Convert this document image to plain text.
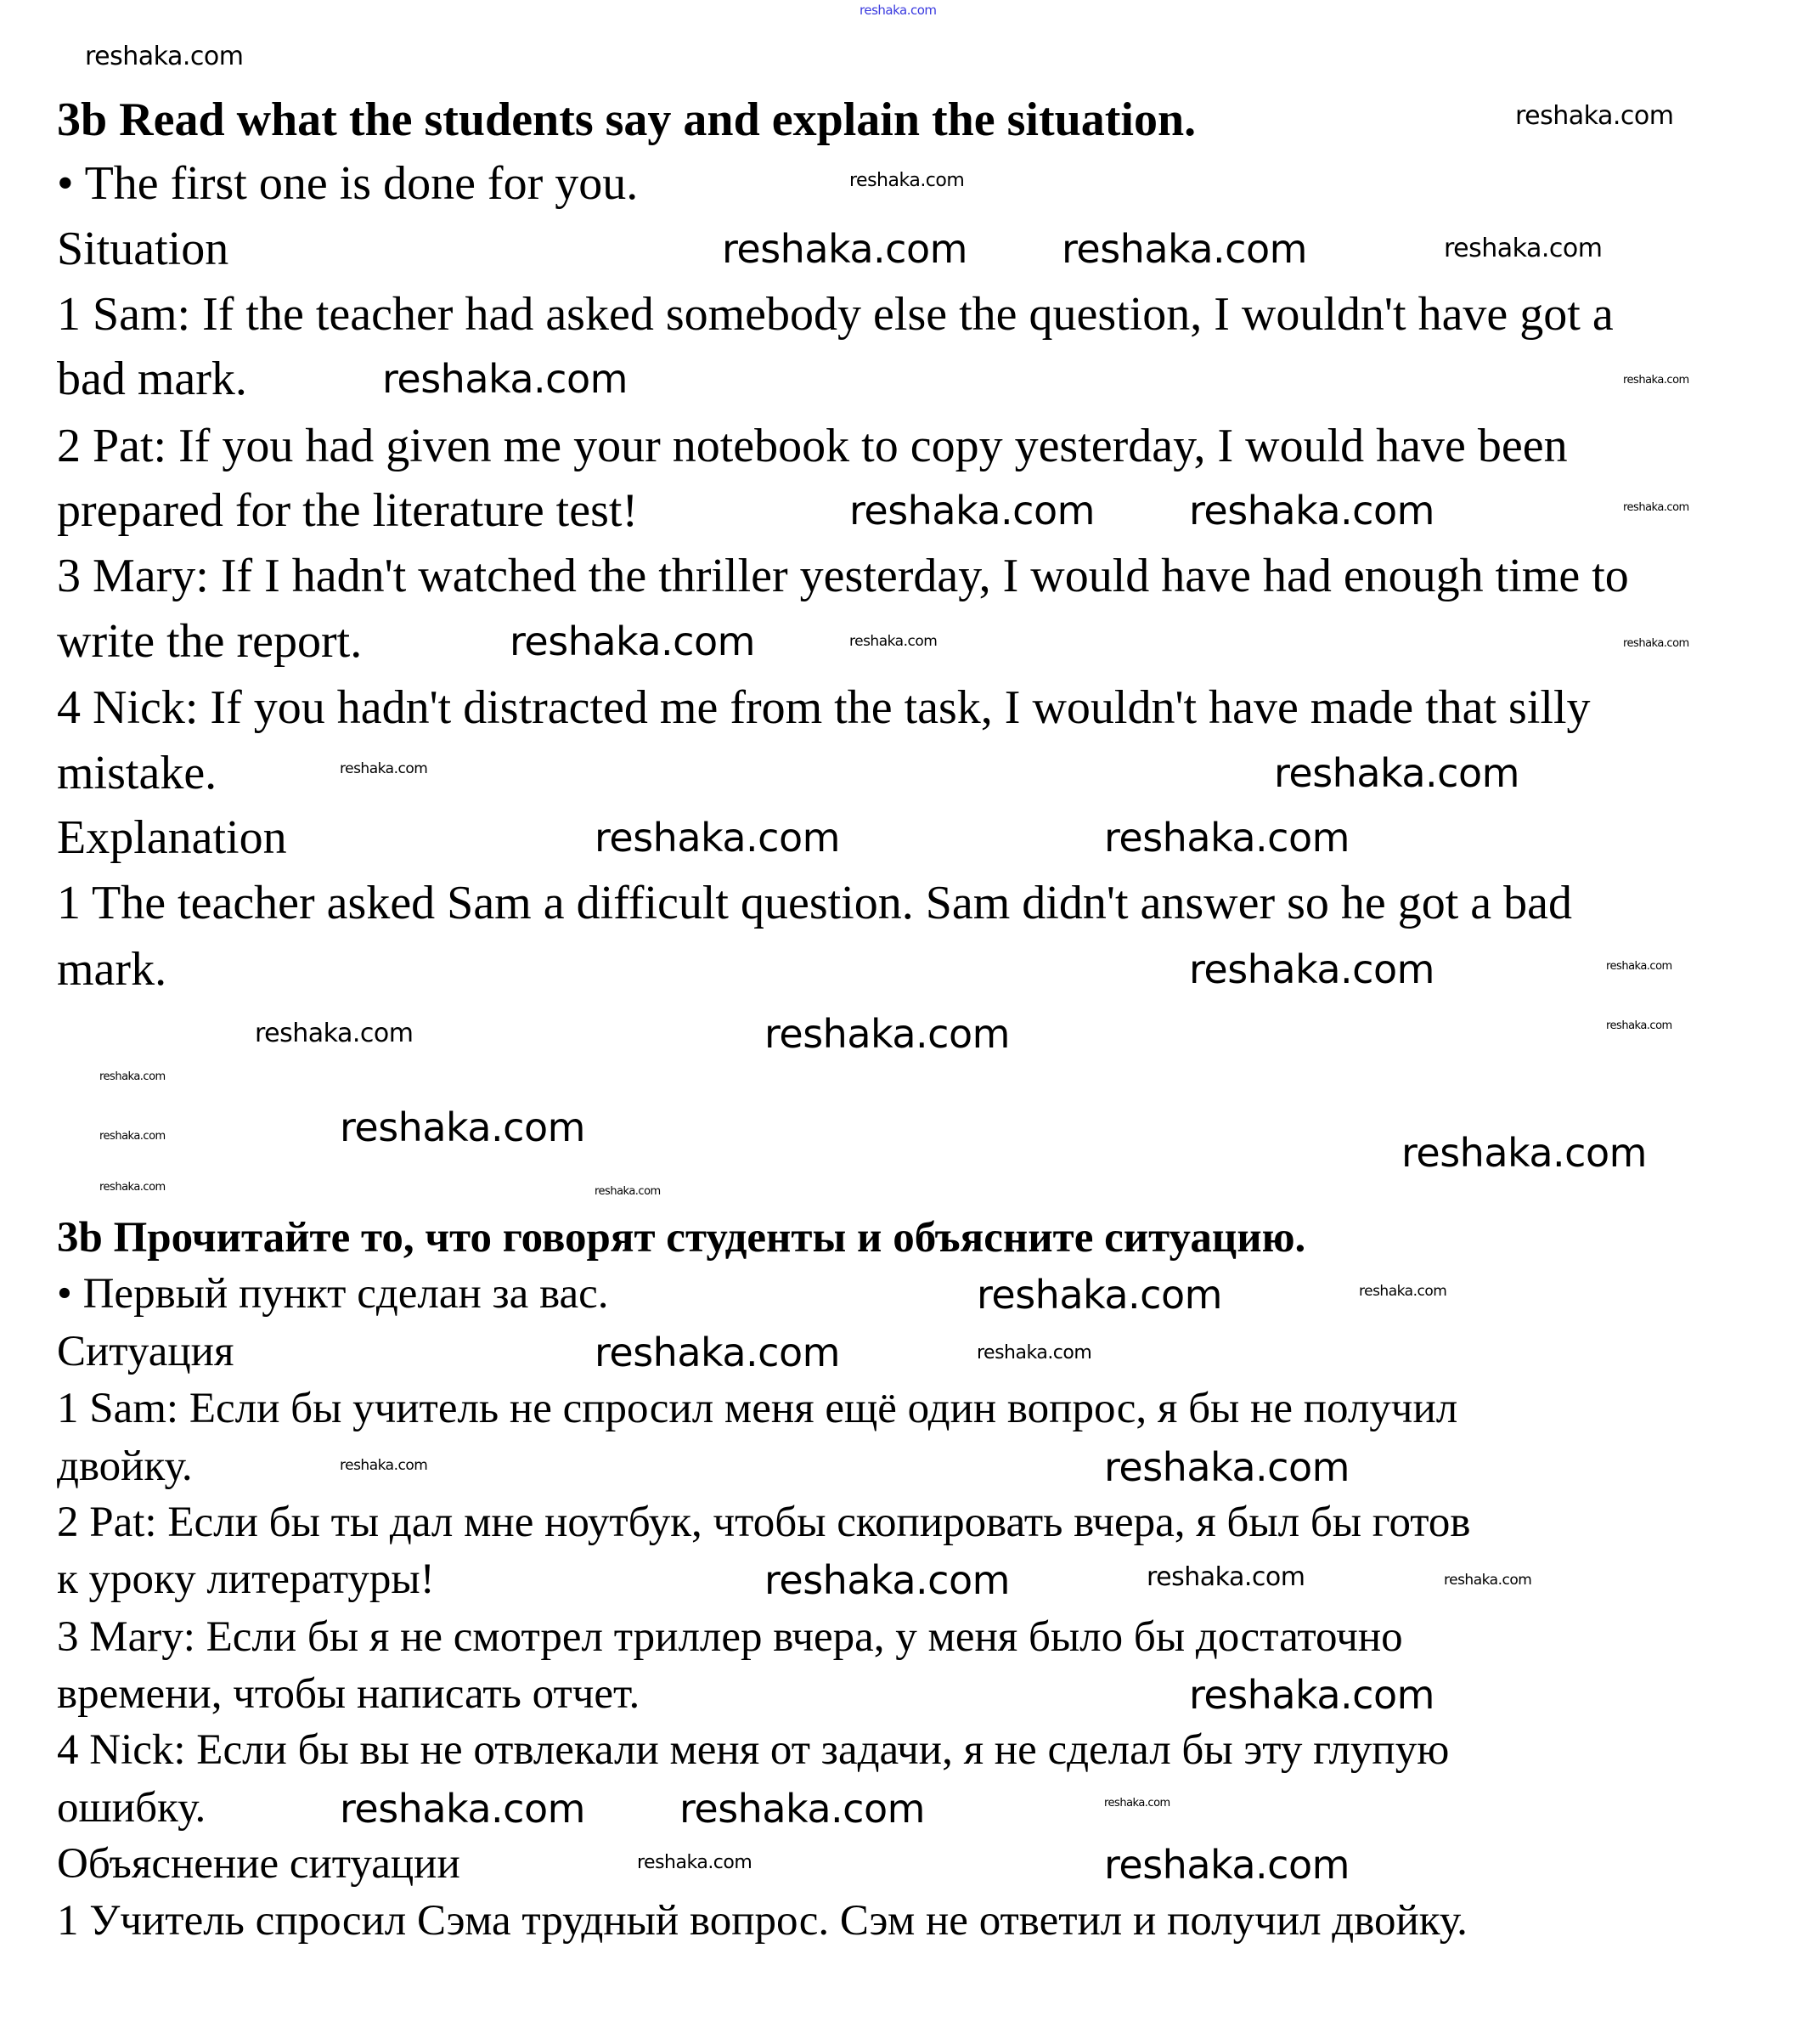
3b Read what the students say and explain the situation.
• The first one is done for you.
Situation
1 Sam: If the teacher had asked somebody else the question, I wouldn't have got a
bad mark.
2 Pat: If you had given me your notebook to copy yesterday, I would have been
prepared for the literature test!
3 Mary: If I hadn't watched the thriller yesterday, I would have had enough time to
write the report.
4 Nick: If you hadn't distracted me from the task, I wouldn't have made that silly
mistake.
Explanation
1 The teacher asked Sam a difficult question. Sam didn't answer so he got a bad
mark.
3b Прочитайте то, что говорят студенты и объясните ситуацию.
• Первый пункт сделан за вас.
Ситуация
1 Sam: Если бы учитель не спросил меня ещё один вопрос, я бы не получил
двойку.
2 Pat: Если бы ты дал мне ноутбук, чтобы скопировать вчера, я был бы готов
к уроку литературы!
3 Mary: Если бы я не смотрел триллер вчера, у меня было бы достаточно
времени, чтобы написать отчет.
4 Nick: Если бы вы не отвлекали меня от задачи, я не сделал бы эту глупую
ошибку.
Объяснение ситуации
1 Учитель спросил Сэма трудный вопрос. Сэм не ответил и получил двойку.
reshaka.com
reshaka.com reshaka.com
reshaka.com
reshaka.com reshaka.com
reshaka.com
reshaka.com
reshaka.com
reshaka.com
reshaka.com
reshaka.com
reshaka.com
reshaka.com
reshaka.com
reshaka.com
reshaka.com
reshaka.com
reshaka.com
reshaka.com reshaka.com
reshaka.com
reshaka.com
reshaka.com
reshaka.com
reshaka.com
reshaka.com
reshaka.com
reshaka.com
reshaka.com
reshaka.com
reshaka.com
reshaka.com
reshaka.com
reshaka.com
reshaka.com
reshaka.com
reshaka.com
reshaka.com
reshaka.com
reshaka.com
reshaka.com
reshaka.com	reshaka.com
reshaka.com
